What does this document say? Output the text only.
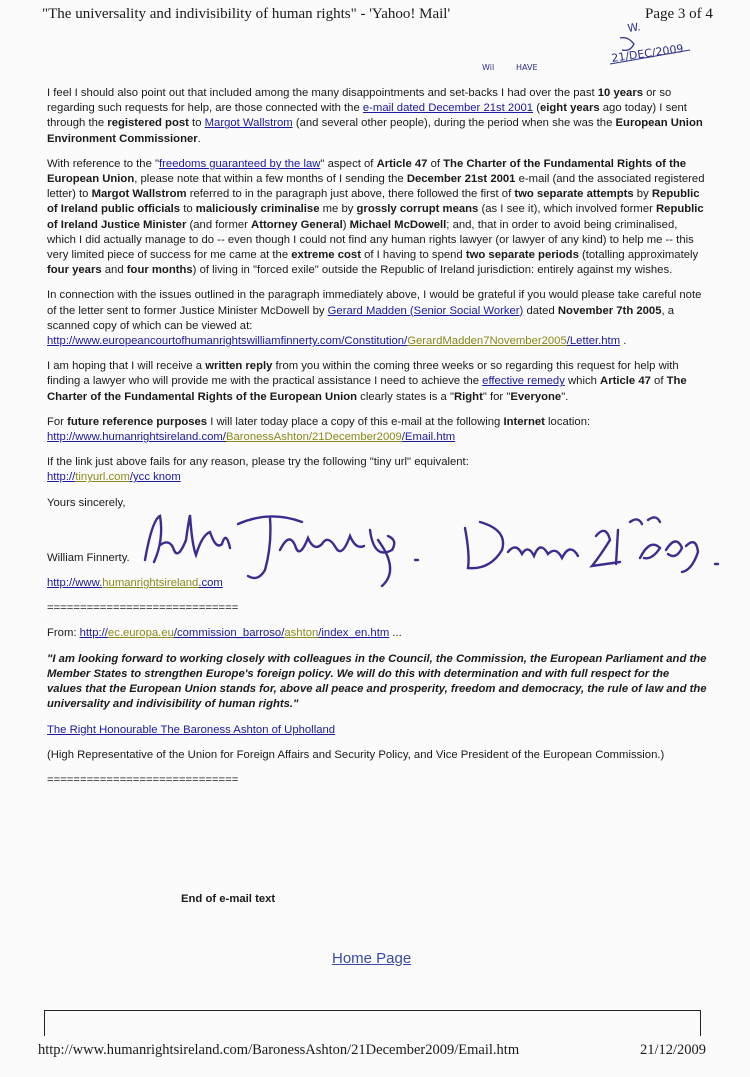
"The universality and indivisibility of human rights" - 'Yahoo! Mail'	Page 3 of 4
W.
21/DEC/2009
Wil	HAVE

I feel I should also point out that included among the many disappointments and set-backs I had over the past 10 years or so regarding such requests for help, are those connected with the e-mail dated December 21st 2001 (eight years ago today) I sent through the registered post to Margot Wallstrom (and several other people), during the period when she was the European Union Environment Commissioner.

With reference to the "freedoms guaranteed by the law" aspect of Article 47 of The Charter of the Fundamental Rights of the European Union, please note that within a few months of I sending the December 21st 2001 e-mail (and the associated registered letter) to Margot Wallstrom referred to in the paragraph just above, there followed the first of two separate attempts by Republic of Ireland public officials to maliciously criminalise me by grossly corrupt means (as I see it), which involved former Republic of Ireland Justice Minister (and former Attorney General) Michael McDowell; and, that in order to avoid being criminalised, which I did actually manage to do -- even though I could not find any human rights lawyer (or lawyer of any kind) to help me -- this very limited piece of success for me came at the extreme cost of I having to spend two separate periods (totalling approximately four years and four months) of living in "forced exile" outside the Republic of Ireland jurisdiction: entirely against my wishes.

In connection with the issues outlined in the paragraph immediately above, I would be grateful if you would please take careful note of the letter sent to former Justice Minister McDowell by Gerard Madden (Senior Social Worker) dated November 7th 2005, a scanned copy of which can be viewed at:
http://www.europeancourtofhumanrightswilliamfinnerty.com/Constitution/GerardMadden7November2005/Letter.htm .

I am hoping that I will receive a written reply from you within the coming three weeks or so regarding this request for help with finding a lawyer who will provide me with the practical assistance I need to achieve the effective remedy which Article 47 of The Charter of the Fundamental Rights of the European Union clearly states is a "Right" for "Everyone".

For future reference purposes I will later today place a copy of this e-mail at the following Internet location:
http://www.humanrightsireland.com/BaronessAshton/21December2009/Email.htm

If the link just above fails for any reason, please try the following "tiny url" equivalent:
http://tinyurl.com/ycc knom

Yours sincerely,

William Finnerty.

http://www.humanrightsireland.com

=============================

From: http://ec.europa.eu/commission_barroso/ashton/index_en.htm ...

"I am looking forward to working closely with colleagues in the Council, the Commission, the European Parliament and the Member States to strengthen Europe's foreign policy. We will do this with determination and with full respect for the values that the European Union stands for, above all peace and prosperity, freedom and democracy, the rule of law and the universality and indivisibility of human rights."

The Right Honourable The Baroness Ashton of Upholland

(High Representative of the Union for Foreign Affairs and Security Policy, and Vice President of the European Commission.)

=============================

End of e-mail text
Home Page
http://www.humanrightsireland.com/BaronessAshton/21December2009/Email.htm	21/12/2009
